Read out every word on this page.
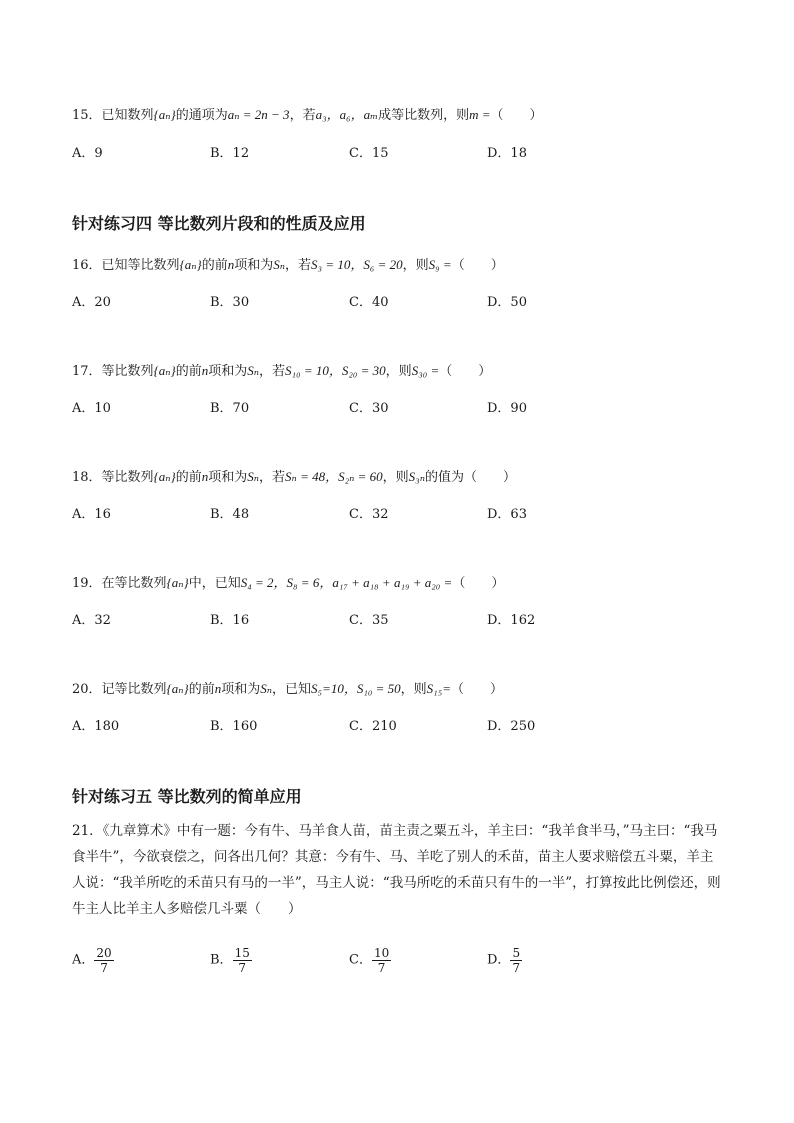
15．已知数列{aₙ}的通项为aₙ = 2n − 3，若a₃，a₆，aₘ成等比数列，则m =（　　）
A．9	B．12	C．15	D．18
针对练习四 等比数列片段和的性质及应用
16．已知等比数列{aₙ}的前n项和为Sₙ，若S₃ = 10，S₆ = 20，则S₉ =（　　）
A．20	B．30	C．40	D．50
17．等比数列{aₙ}的前n项和为Sₙ，若S₁₀ = 10，S₂₀ = 30，则S₃₀ =（　　）
A．10	B．70	C．30	D．90
18．等比数列{aₙ}的前n项和为Sₙ，若Sₙ = 48，S₂ₙ = 60，则S₃ₙ的值为（　　）
A．16	B．48	C．32	D．63
19．在等比数列{aₙ}中，已知S₄ = 2，S₈ = 6，a₁₇ + a₁₈ + a₁₉ + a₂₀ =（　　）
A．32	B．16	C．35	D．162
20．记等比数列{aₙ}的前n项和为Sₙ，已知S₅=10，S₁₀ = 50，则S₁₅=（　　）
A．180	B．160	C．210	D．250
针对练习五 等比数列的简单应用
21．《九章算术》中有一题：今有牛、马羊食人苗，苗主责之粟五斗，羊主曰：“我羊食半马，”马主曰：“我马食半牛”，今欲衰偿之，问各出几何？其意：今有牛、马、羊吃了别人的禾苗，苗主人要求赔偿五斗粟，羊主人说：“我羊所吃的禾苗只有马的一半”，马主人说：“我马所吃的禾苗只有牛的一半”，打算按此比例偿还，则牛主人比羊主人多赔偿几斗粟（　　）
A． $\frac{20}{7}$	B． $\frac{15}{7}$	C． $\frac{10}{7}$	D． $\frac{5}{7}$
